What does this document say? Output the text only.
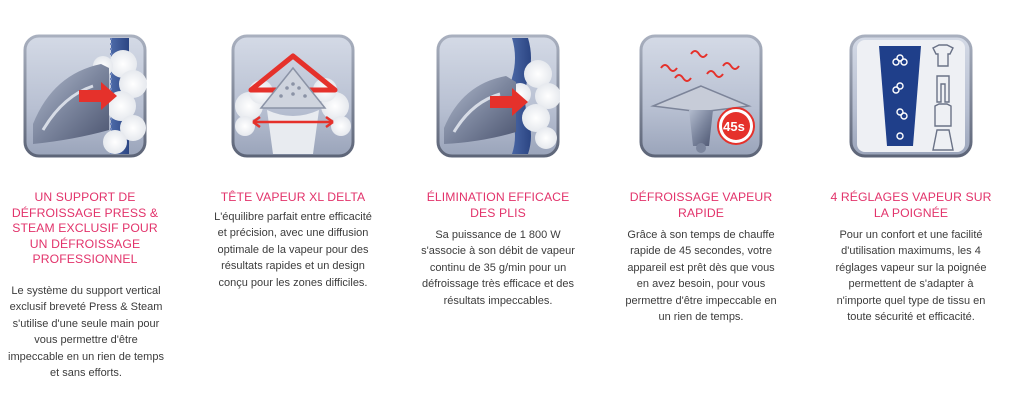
UN SUPPORT DE DÉFROISSAGE PRESS & STEAM EXCLUSIF POUR UN DÉFROISSAGE PROFESSIONNEL
Le système du support vertical exclusif breveté Press & Steam s'utilise d'une seule main pour vous permettre d'être impeccable en un rien de temps et sans efforts.
TÊTE VAPEUR XL DELTA
L'équilibre parfait entre efficacité et précision, avec une diffusion optimale de la vapeur pour des résultats rapides et un design conçu pour les zones difficiles.
ÉLIMINATION EFFICACE DES PLIS
Sa puissance de 1 800 W s'associe à son débit de vapeur continu de 35 g/min pour un défroissage très efficace et des résultats impeccables.
45s
DÉFROISSAGE VAPEUR RAPIDE
Grâce à son temps de chauffe rapide de 45 secondes, votre appareil est prêt dès que vous en avez besoin, pour vous permettre d'être impeccable en un rien de temps.
4 RÉGLAGES VAPEUR SUR LA POIGNÉE
Pour un confort et une facilité d'utilisation maximums, les 4 réglages vapeur sur la poignée permettent de s'adapter à n'importe quel type de tissu en toute sécurité et efficacité.
